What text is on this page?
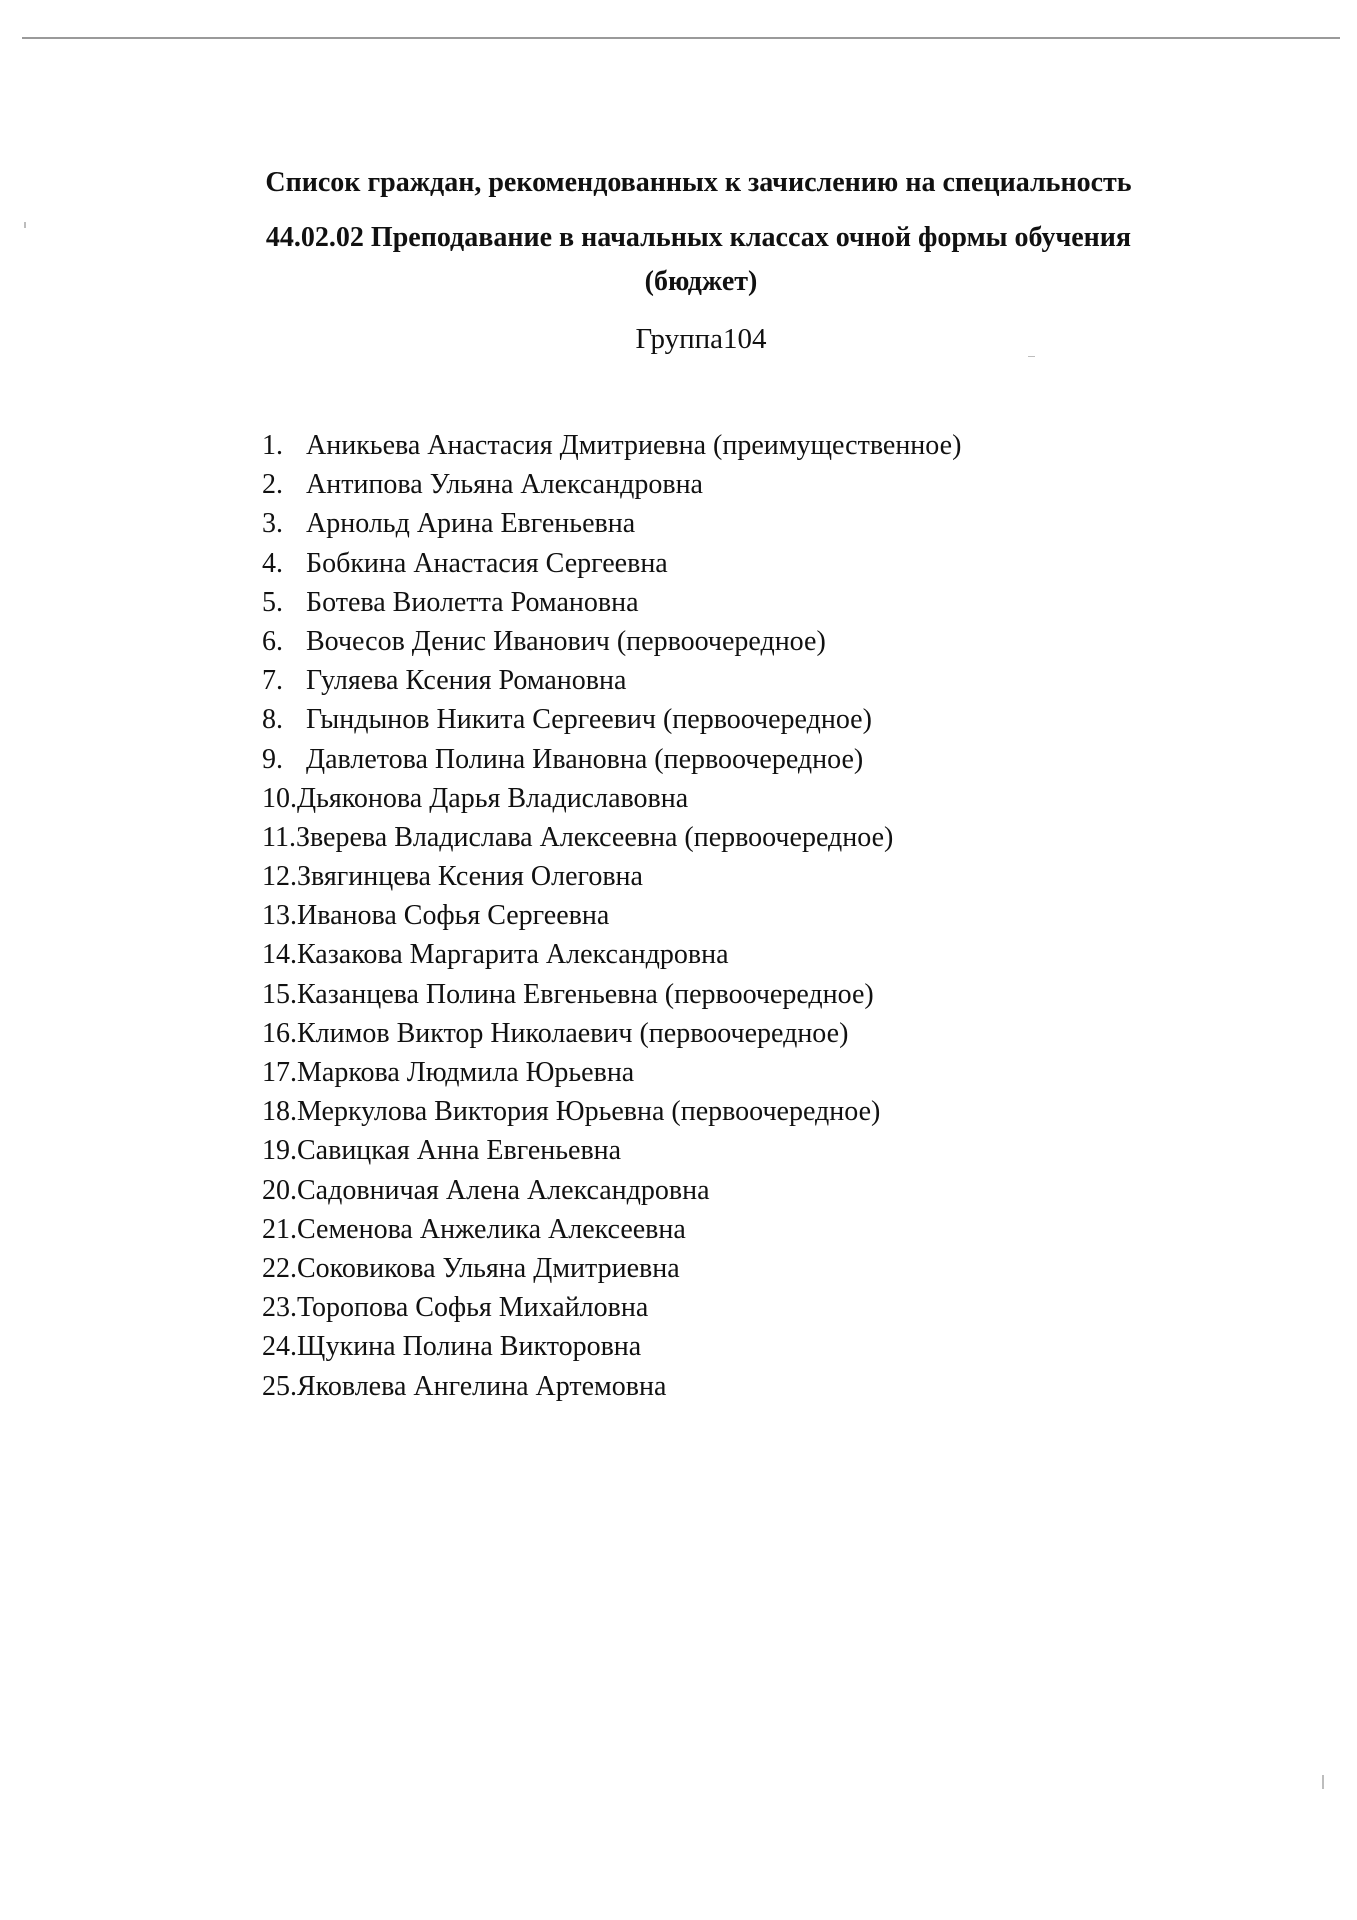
Список граждан, рекомендованных к зачислению на специальность
44.02.02 Преподавание в начальных классах очной формы обучения
(бюджет)
Группа104
1. Аникьева Анастасия Дмитриевна (преимущественное)
2. Антипова Ульяна Александровна
3. Арнольд Арина Евгеньевна
4. Бобкина Анастасия Сергеевна
5. Ботева Виолетта Романовна
6. Вочесов Денис Иванович (первоочередное)
7. Гуляева Ксения Романовна
8. Гындынов Никита Сергеевич (первоочередное)
9. Давлетова Полина Ивановна (первоочередное)
10.Дьяконова Дарья Владиславовна
11.Зверева Владислава Алексеевна (первоочередное)
12.Звягинцева Ксения Олеговна
13.Иванова Софья Сергеевна
14.Казакова Маргарита Александровна
15.Казанцева Полина Евгеньевна (первоочередное)
16.Климов Виктор Николаевич (первоочередное)
17.Маркова Людмила Юрьевна
18.Меркулова Виктория Юрьевна (первоочередное)
19.Савицкая Анна Евгеньевна
20.Садовничая Алена Александровна
21.Семенова Анжелика Алексеевна
22.Соковикова Ульяна Дмитриевна
23.Торопова Софья Михайловна
24.Щукина Полина Викторовна
25.Яковлева Ангелина Артемовна
